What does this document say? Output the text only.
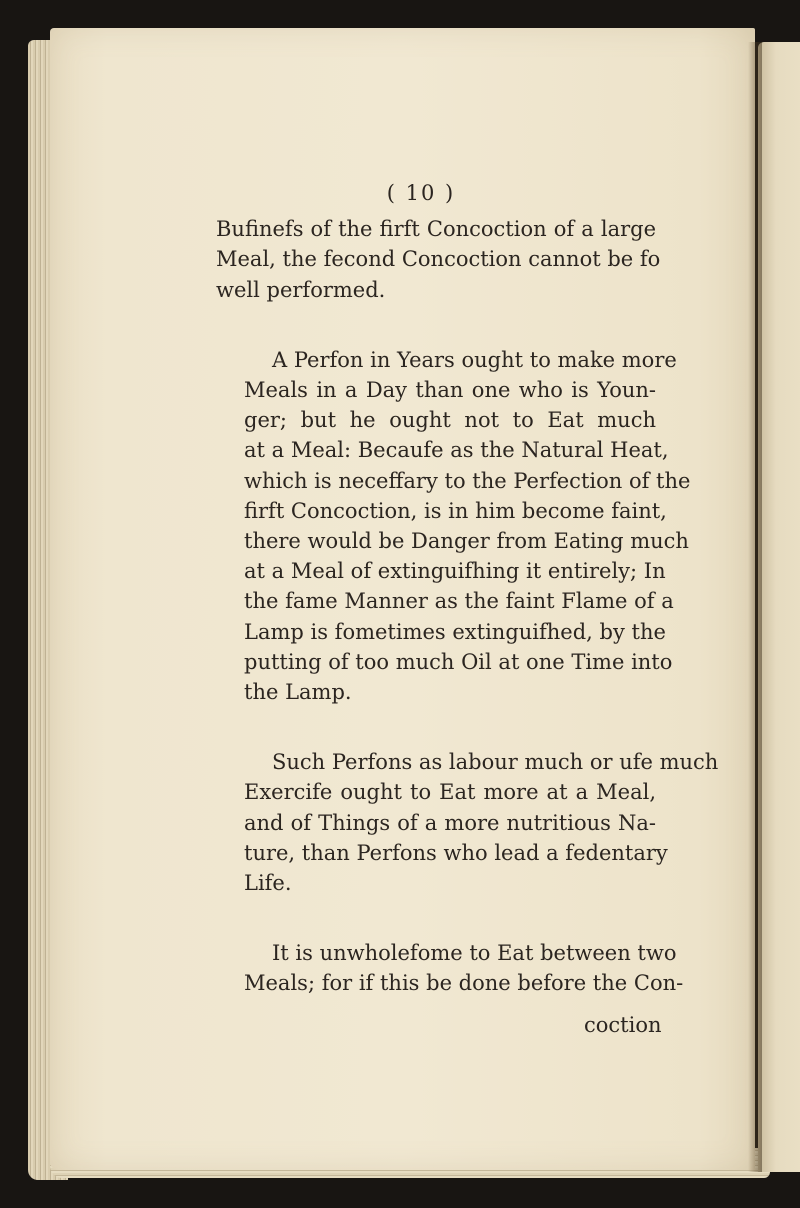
( 10 )
Bufinefs of the firft Concoction of a large
Meal, the fecond Concoction cannot be fo
well performed.
A Perfon in Years ought to make more
Meals in a Day than one who is Youn-
ger; but he ought not to Eat much
at a Meal: Becaufe as the Natural Heat,
which is neceffary to the Perfection of the
firft Concoction, is in him become faint,
there would be Danger from Eating much
at a Meal of extinguifhing it entirely; In
the fame Manner as the faint Flame of a
Lamp is fometimes extinguifhed, by the
putting of too much Oil at one Time into
the Lamp.
Such Perfons as labour much or ufe much
Exercife ought to Eat more at a Meal,
and of Things of a more nutritious Na-
ture, than Perfons who lead a fedentary
Life.
It is unwholefome to Eat between two
Meals; for if this be done before the Con-
coction
